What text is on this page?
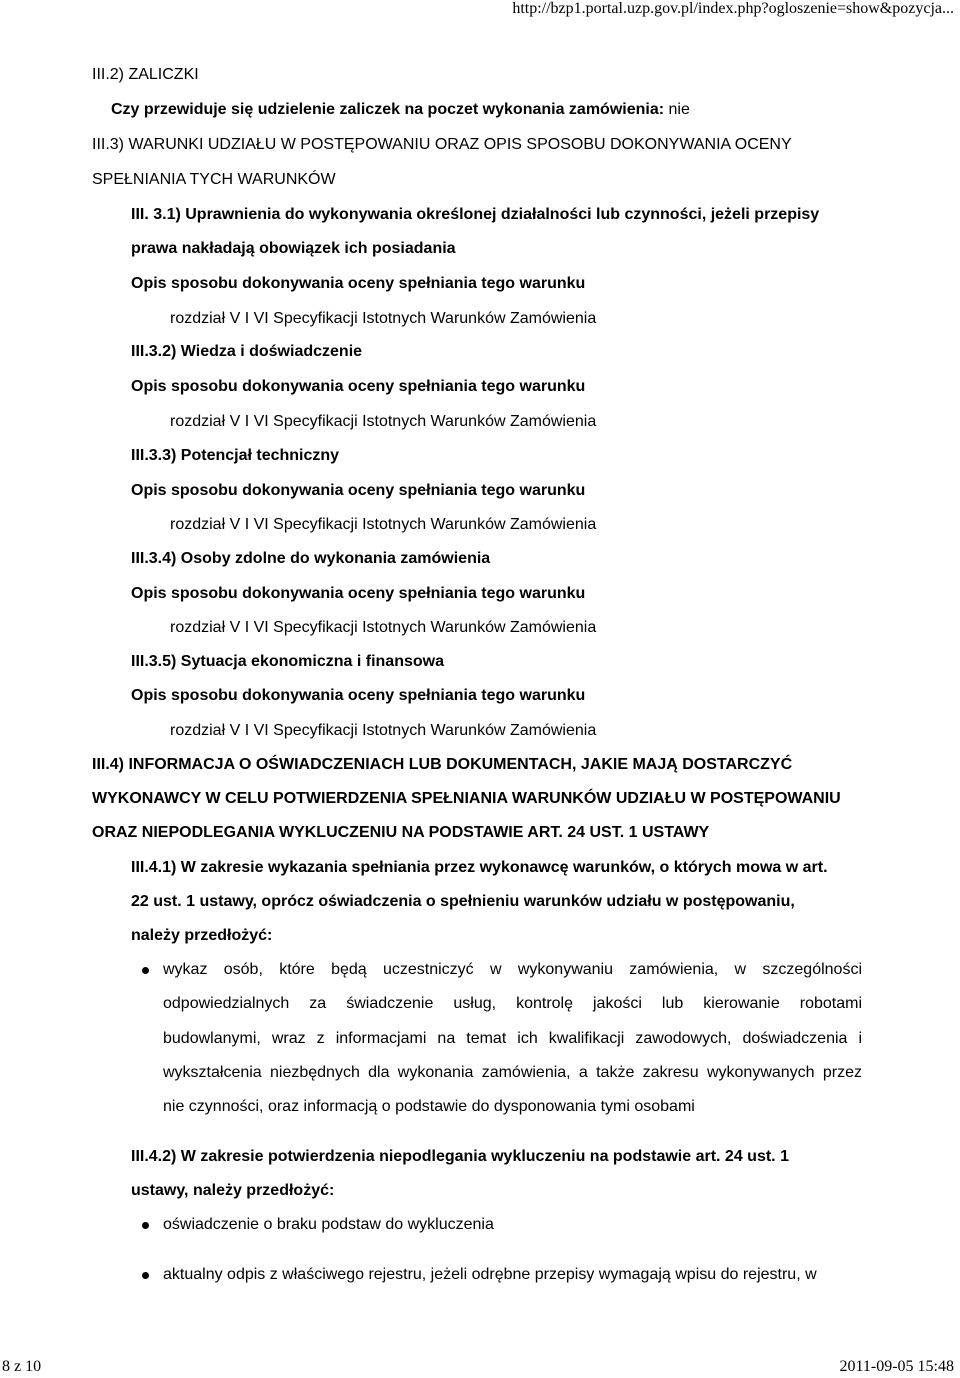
http://bzp1.portal.uzp.gov.pl/index.php?ogloszenie=show&pozycja...
III.2) ZALICZKI
Czy przewiduje się udzielenie zaliczek na poczet wykonania zamówienia: nie
III.3) WARUNKI UDZIAŁU W POSTĘPOWANIU ORAZ OPIS SPOSOBU DOKONYWANIA OCENY
SPEŁNIANIA TYCH WARUNKÓW
III. 3.1) Uprawnienia do wykonywania określonej działalności lub czynności, jeżeli przepisy
prawa nakładają obowiązek ich posiadania
Opis sposobu dokonywania oceny spełniania tego warunku
rozdział V I VI Specyfikacji Istotnych Warunków Zamówienia
III.3.2) Wiedza i doświadczenie
Opis sposobu dokonywania oceny spełniania tego warunku
rozdział V I VI Specyfikacji Istotnych Warunków Zamówienia
III.3.3) Potencjał techniczny
Opis sposobu dokonywania oceny spełniania tego warunku
rozdział V I VI Specyfikacji Istotnych Warunków Zamówienia
III.3.4) Osoby zdolne do wykonania zamówienia
Opis sposobu dokonywania oceny spełniania tego warunku
rozdział V I VI Specyfikacji Istotnych Warunków Zamówienia
III.3.5) Sytuacja ekonomiczna i finansowa
Opis sposobu dokonywania oceny spełniania tego warunku
rozdział V I VI Specyfikacji Istotnych Warunków Zamówienia
III.4) INFORMACJA O OŚWIADCZENIACH LUB DOKUMENTACH, JAKIE MAJĄ DOSTARCZYĆ
WYKONAWCY W CELU POTWIERDZENIA SPEŁNIANIA WARUNKÓW UDZIAŁU W POSTĘPOWANIU
ORAZ NIEPODLEGANIA WYKLUCZENIU NA PODSTAWIE ART. 24 UST. 1 USTAWY
III.4.1) W zakresie wykazania spełniania przez wykonawcę warunków, o których mowa w art.
22 ust. 1 ustawy, oprócz oświadczenia o spełnieniu warunków udziału w postępowaniu,
należy przedłożyć:
wykaz osób, które będą uczestniczyć w wykonywaniu zamówienia, w szczególności
odpowiedzialnych za świadczenie usług, kontrolę jakości lub kierowanie robotami
budowlanymi, wraz z informacjami na temat ich kwalifikacji zawodowych, doświadczenia i
wykształcenia niezbędnych dla wykonania zamówienia, a także zakresu wykonywanych przez
nie czynności, oraz informacją o podstawie do dysponowania tymi osobami
III.4.2) W zakresie potwierdzenia niepodlegania wykluczeniu na podstawie art. 24 ust. 1
ustawy, należy przedłożyć:
oświadczenie o braku podstaw do wykluczenia
aktualny odpis z właściwego rejestru, jeżeli odrębne przepisy wymagają wpisu do rejestru, w
8 z 10	2011-09-05 15:48
